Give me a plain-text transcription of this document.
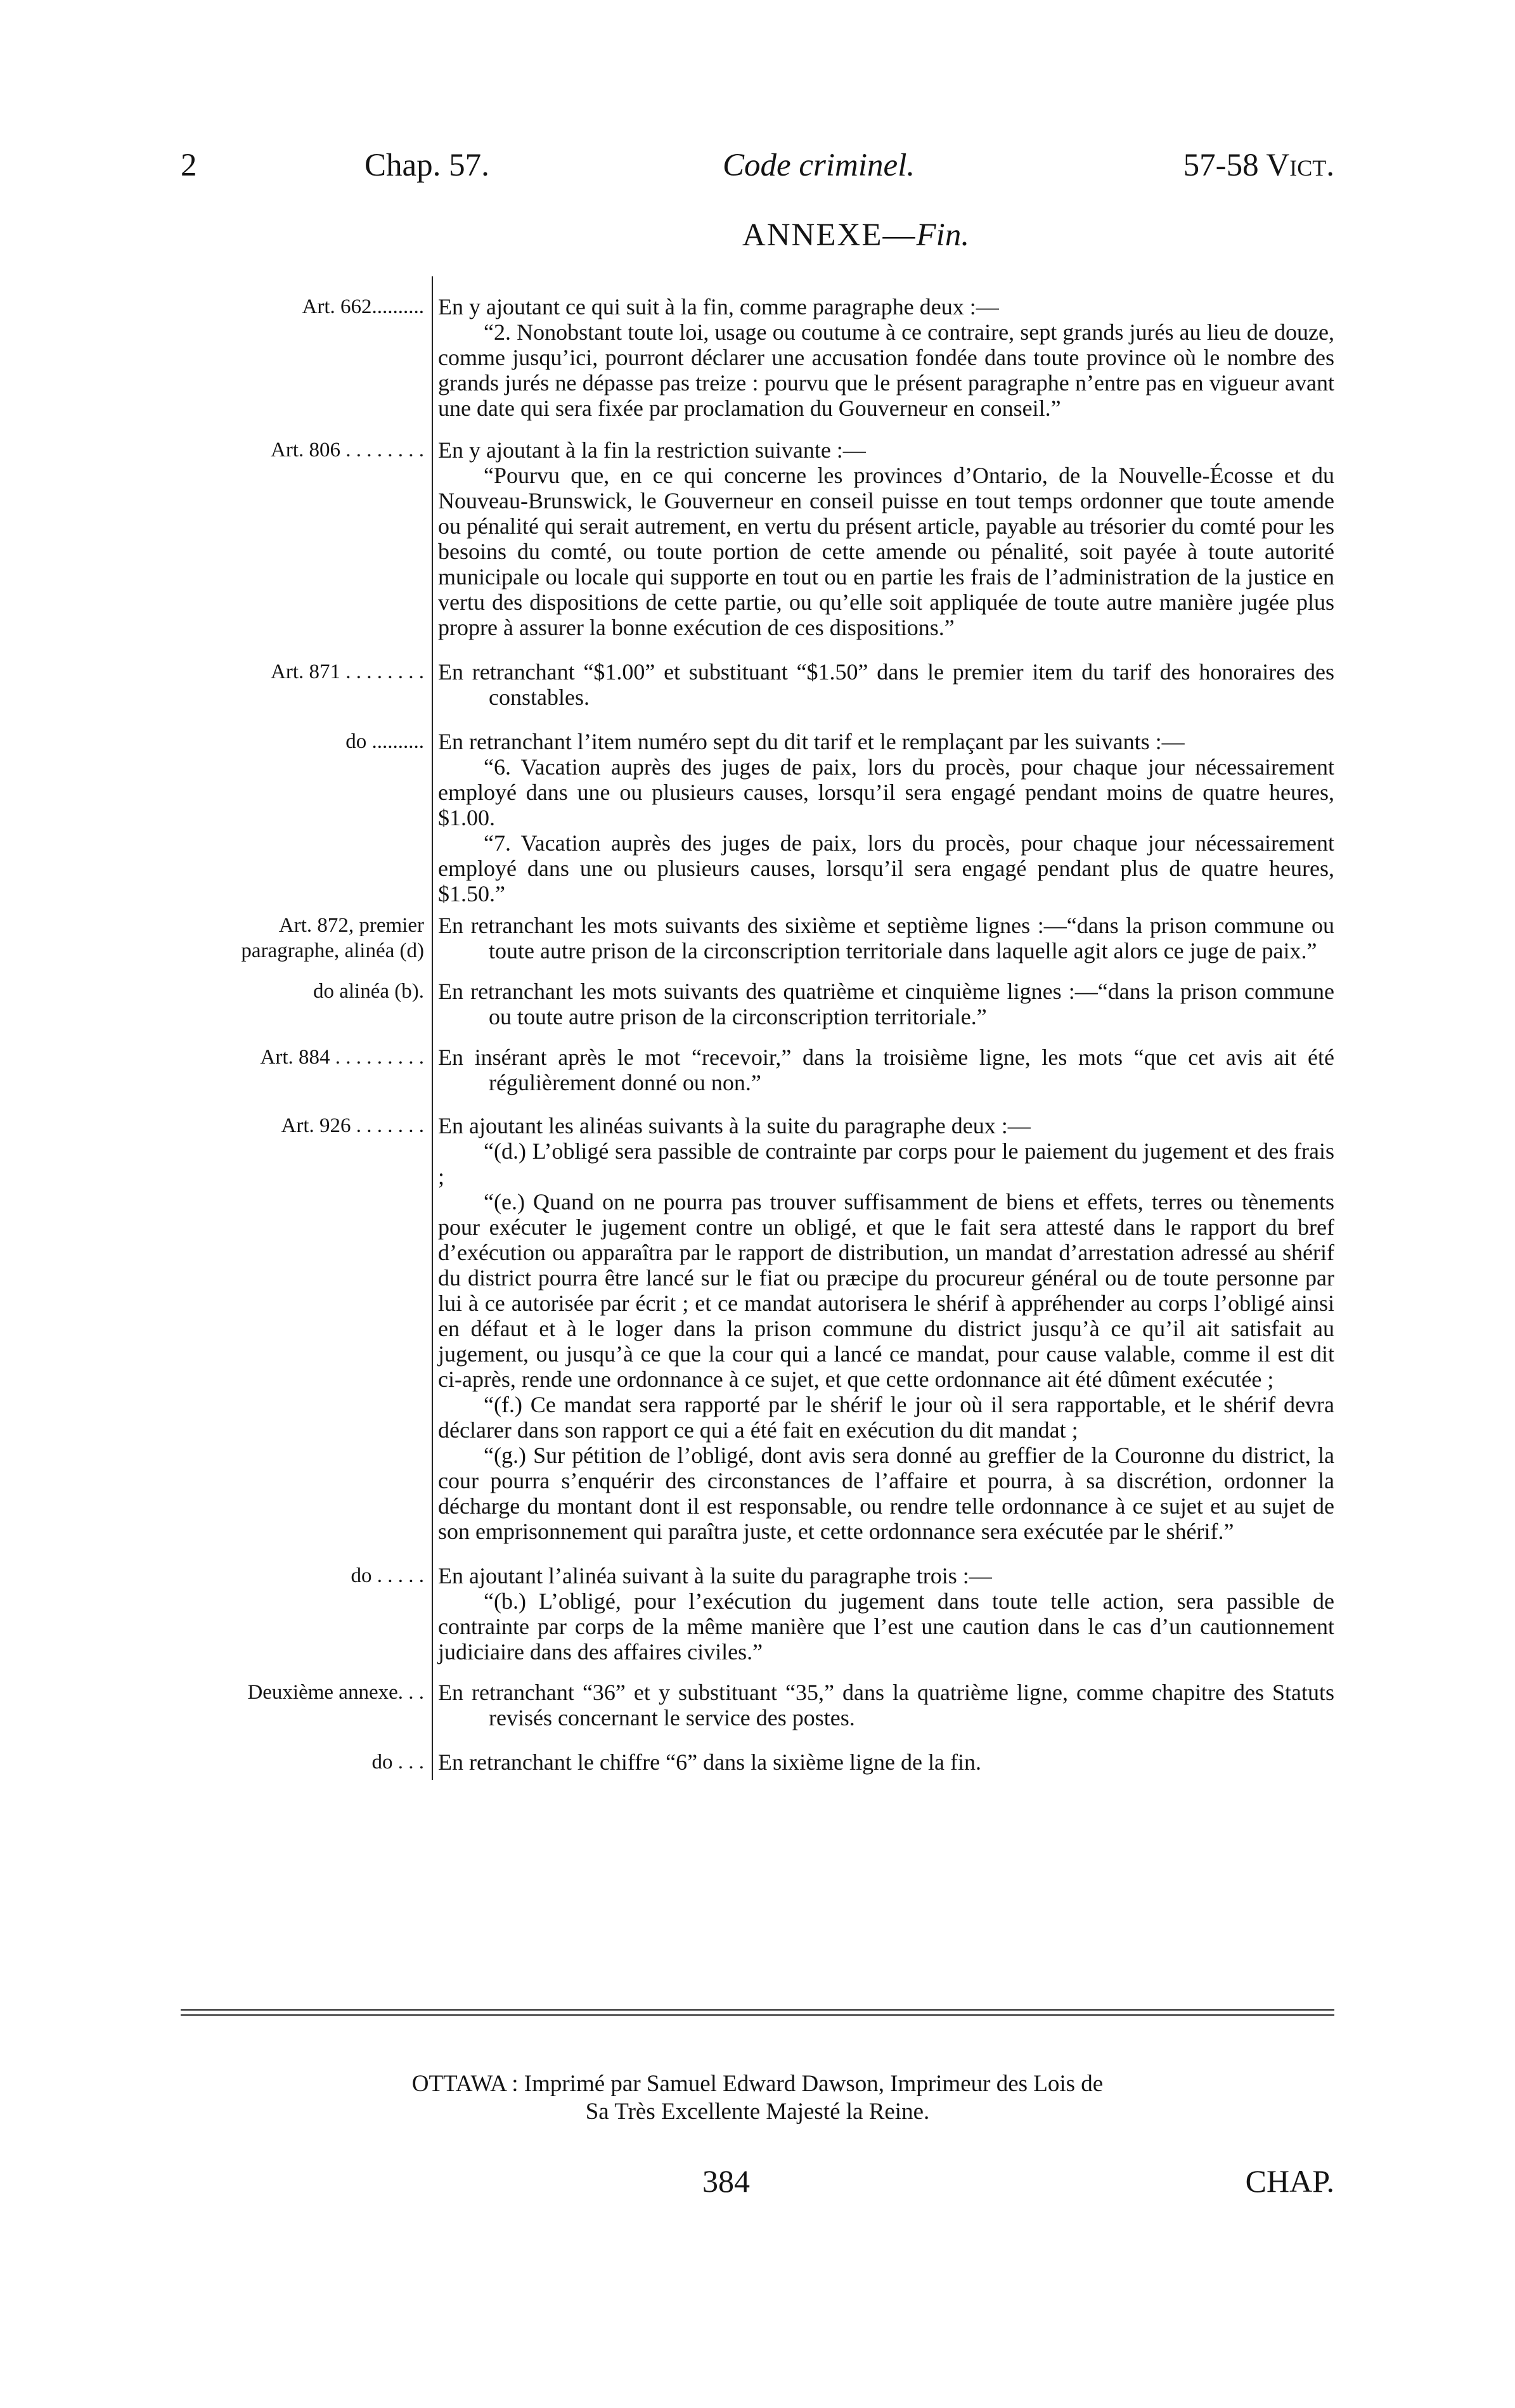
2	Chap. 57.	Code criminel.	57-58 Vict.
ANNEXE—Fin.
Art. 662.......... En y ajoutant ce qui suit à la fin, comme paragraphe deux :—
“2. Nonobstant toute loi, usage ou coutume à ce contraire, sept grands jurés au lieu de douze, comme jusqu’ici, pourront déclarer une accusation fondée dans toute province où le nombre des grands jurés ne dépasse pas treize : pourvu que le présent paragraphe n’entre pas en vigueur avant une date qui sera fixée par proclamation du Gouverneur en conseil.”
Art. 806 . . . . . . . . En y ajoutant à la fin la restriction suivante :—
“Pourvu que, en ce qui concerne les provinces d’Ontario, de la Nouvelle-Écosse et du Nouveau-Brunswick, le Gouverneur en conseil puisse en tout temps ordonner que toute amende ou pénalité qui serait autrement, en vertu du présent article, payable au trésorier du comté pour les besoins du comté, ou toute portion de cette amende ou pénalité, soit payée à toute autorité municipale ou locale qui supporte en tout ou en partie les frais de l’administration de la justice en vertu des dispositions de cette partie, ou qu’elle soit appliquée de toute autre manière jugée plus propre à assurer la bonne exécution de ces dispositions.”
Art. 871 . . . . . . . . En retranchant “$1.00” et substituant “$1.50” dans le premier item du tarif des honoraires des constables.
do .......... En retranchant l’item numéro sept du dit tarif et le remplaçant par les suivants :—
“6. Vacation auprès des juges de paix, lors du procès, pour chaque jour nécessairement employé dans une ou plusieurs causes, lorsqu’il sera engagé pendant moins de quatre heures, $1.00.
“7. Vacation auprès des juges de paix, lors du procès, pour chaque jour nécessairement employé dans une ou plusieurs causes, lorsqu’il sera engagé pendant plus de quatre heures, $1.50.”
Art. 872, premier paragraphe, alinéa (d)
En retranchant les mots suivants des sixième et septième lignes :—“dans la prison commune ou toute autre prison de la circonscription territoriale dans laquelle agit alors ce juge de paix.”
do alinéa (b). En retranchant les mots suivants des quatrième et cinquième lignes :—“dans la prison commune ou toute autre prison de la circonscription territoriale.”
Art. 884 . . . . . . . . . En insérant après le mot “recevoir,” dans la troisième ligne, les mots “que cet avis ait été régulièrement donné ou non.”
Art. 926 . . . . . . . En ajoutant les alinéas suivants à la suite du paragraphe deux :—
“(d.) L’obligé sera passible de contrainte par corps pour le paiement du jugement et des frais ;
“(e.) Quand on ne pourra pas trouver suffisamment de biens et effets, terres ou tènements pour exécuter le jugement contre un obligé, et que le fait sera attesté dans le rapport du bref d’exécution ou apparaîtra par le rapport de distribution, un mandat d’arrestation adressé au shérif du district pourra être lancé sur le fiat ou præcipe du procureur général ou de toute personne par lui à ce autorisée par écrit ; et ce mandat autorisera le shérif à appréhender au corps l’obligé ainsi en défaut et à le loger dans la prison commune du district jusqu’à ce qu’il ait satisfait au jugement, ou jusqu’à ce que la cour qui a lancé ce mandat, pour cause valable, comme il est dit ci-après, rende une ordonnance à ce sujet, et que cette ordonnance ait été dûment exécutée ;
“(f.) Ce mandat sera rapporté par le shérif le jour où il sera rapportable, et le shérif devra déclarer dans son rapport ce qui a été fait en exécution du dit mandat ;
“(g.) Sur pétition de l’obligé, dont avis sera donné au greffier de la Couronne du district, la cour pourra s’enquérir des circonstances de l’affaire et pourra, à sa discrétion, ordonner la décharge du montant dont il est responsable, ou rendre telle ordonnance à ce sujet et au sujet de son emprisonnement qui paraîtra juste, et cette ordonnance sera exécutée par le shérif.”
do . . . . . En ajoutant l’alinéa suivant à la suite du paragraphe trois :—
“(b.) L’obligé, pour l’exécution du jugement dans toute telle action, sera passible de contrainte par corps de la même manière que l’est une caution dans le cas d’un cautionnement judiciaire dans des affaires civiles.”
Deuxième annexe. . . En retranchant “36” et y substituant “35,” dans la quatrième ligne, comme chapitre des Statuts revisés concernant le service des postes.
do . . . En retranchant le chiffre “6” dans la sixième ligne de la fin.
OTTAWA : Imprimé par Samuel Edward Dawson, Imprimeur des Lois de
Sa Très Excellente Majesté la Reine.
384	CHAP.
